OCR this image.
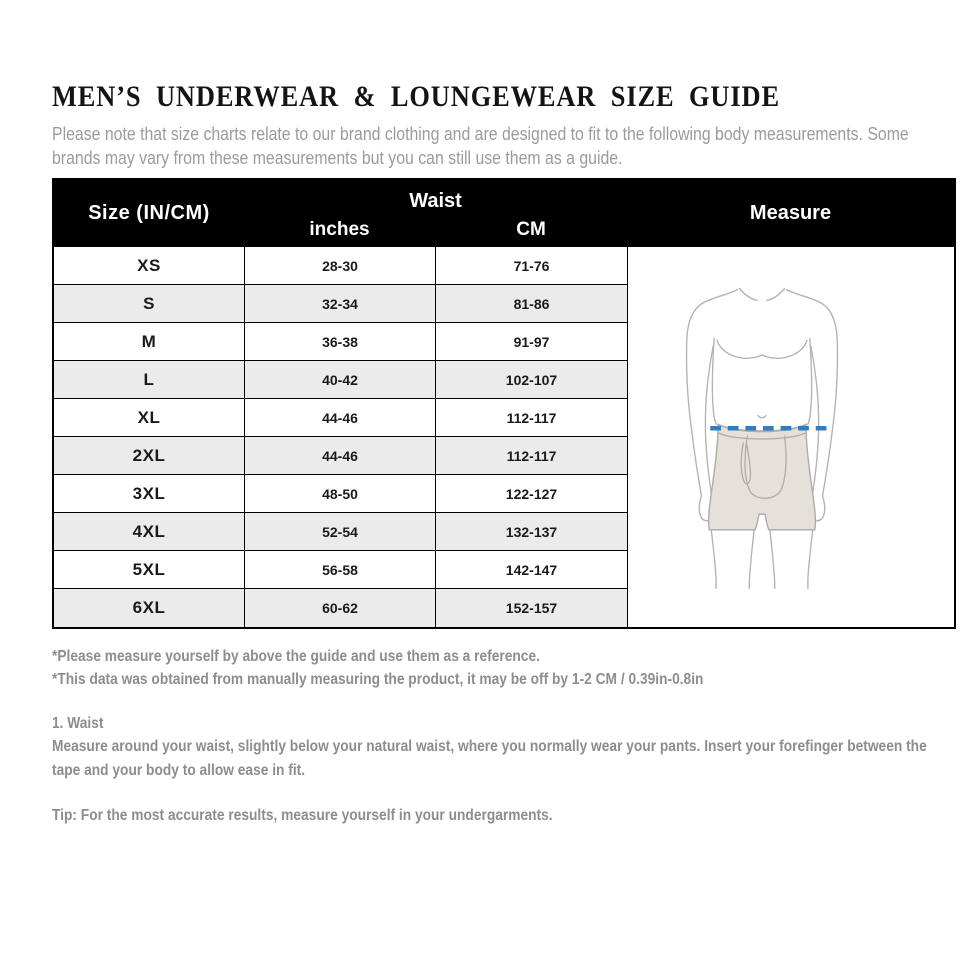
MEN’S UNDERWEAR & LOUNGEWEAR SIZE GUIDE

Please note that size charts relate to our brand clothing and are designed to fit to the following body measurements. Some brands may vary from these measurements but you can still use them as a guide.

Size (IN/CM)
Waist
inches	CM
Measure
XS	28-30	71-76
S	32-34	81-86
M	36-38	91-97
L	40-42	102-107
XL	44-46	112-117
2XL	44-46	112-117
3XL	48-50	122-127
4XL	52-54	132-137
5XL	56-58	142-147
6XL	60-62	152-157

*Please measure yourself by above the guide and use them as a reference.

*This data was obtained from manually measuring the product, it may be off by 1-2 CM / 0.39in-0.8in

1. Waist

Measure around your waist, slightly below your natural waist, where you normally wear your pants. Insert your forefinger between the tape and your body to allow ease in fit.

Tip: For the most accurate results, measure yourself in your undergarments.
